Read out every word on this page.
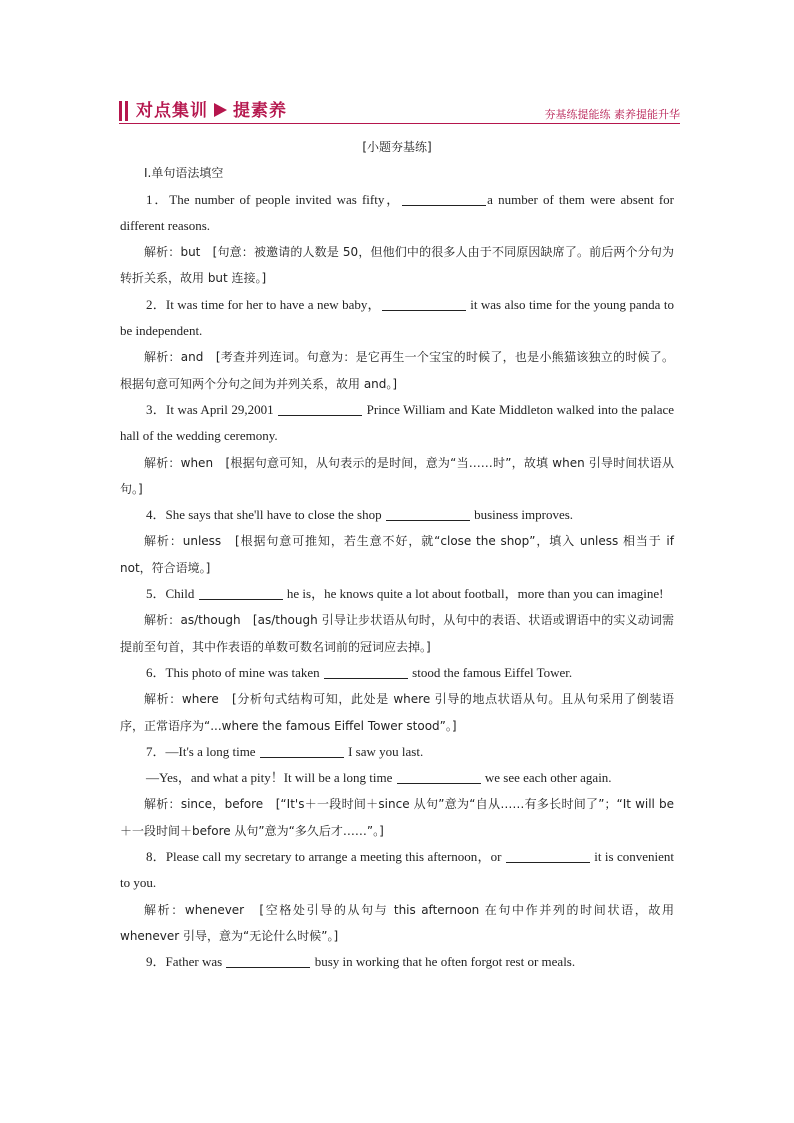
对点集训 提素养	夯基练提能练 素养提能升华
[小题夯基练]
Ⅰ.单句语法填空
1．The number of people invited was fifty，	a number of them were absent for different reasons.
解析：but　[句意：被邀请的人数是 50，但他们中的很多人由于不同原因缺席了。前后两个分句为转折关系，故用 but 连接。]
2．It was time for her to have a new baby，	it was also time for the young panda to be independent.
解析：and　[考查并列连词。句意为：是它再生一个宝宝的时候了，也是小熊猫该独立的时候了。根据句意可知两个分句之间为并列关系，故用 and。]
3．It was April 29,2001	Prince William and Kate Middleton walked into the palace hall of the wedding ceremony.
解析：when　[根据句意可知，从句表示的是时间，意为“当……时”，故填 when 引导时间状语从句。]
4．She says that she'll have to close the shop	business improves.
解析：unless　[根据句意可推知，若生意不好，就“close the shop”，填入 unless 相当于 if not，符合语境。]
5．Child	he is，he knows quite a lot about football，more than you can imagine!
解析：as/though　[as/though 引导让步状语从句时，从句中的表语、状语或谓语中的实义动词需提前至句首，其中作表语的单数可数名词前的冠词应去掉。]
6．This photo of mine was taken	stood the famous Eiffel Tower.
解析：where　[分析句式结构可知，此处是 where 引导的地点状语从句。且从句采用了倒装语序，正常语序为“...where the famous Eiffel Tower stood”。]
7．—It's a long time	I saw you last.
—Yes，and what a pity！It will be a long time	we see each other again.
解析：since，before　[“It's＋一段时间＋since 从句”意为“自从……有多长时间了”；“It will be ＋一段时间＋before 从句”意为“多久后才……”。]
8．Please call my secretary to arrange a meeting this afternoon，or	it is convenient to you.
解析：whenever　[空格处引导的从句与 this afternoon 在句中作并列的时间状语，故用 whenever 引导，意为“无论什么时候”。]
9．Father was	busy in working that he often forgot rest or meals.
